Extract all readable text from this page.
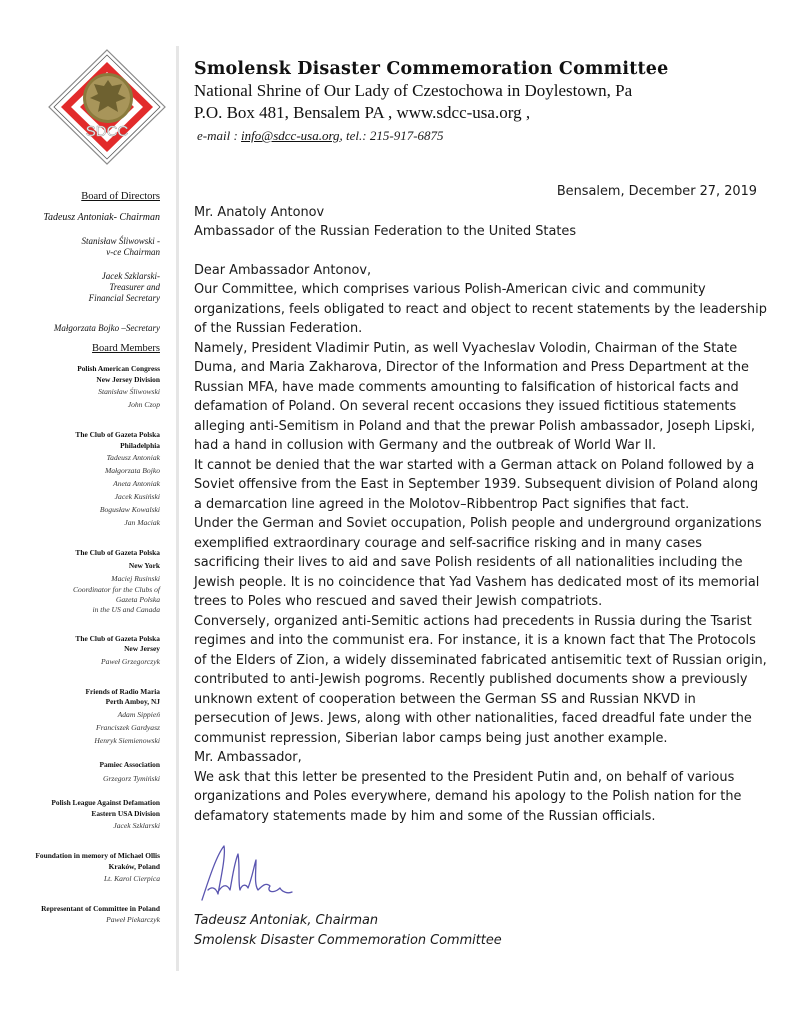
SDCC
Smolensk Disaster Commemoration Committee
National Shrine of Our Lady of Czestochowa in Doylestown, Pa
P.O. Box 481, Bensalem PA , www.sdcc-usa.org ,
e-mail : info@sdcc-usa.org, tel.: 215-917-6875
Board of Directors
Tadeusz Antoniak- Chairman
Stanisław Śliwowski -
v-ce Chairman
Jacek Szklarski-
Treasurer and
Financial Secretary
Małgorzata Bojko –Secretary
Board Members
Polish American Congress
New Jersey Division
Stanisław Śliwowski
John Czop
The Club of Gazeta Polska
Philadelphia
Tadeusz Antoniak
Małgorzata Bojko
Aneta Antoniak
Jacek Kusiński
Bogusław Kowalski
Jan Maciak
The Club of Gazeta Polska
New York
Maciej Rusinski
Coordinator for the Clubs of
Gazeta Polska
in the US and Canada
The Club of Gazeta Polska
New Jersey
Paweł Grzegorczyk
Friends of Radio Maria
Perth Amboy, NJ
Adam Sippień
Franciszek Gardyasz
Henryk Siemienowski
Pamiec Association
Grzegorz Tymiński
Polish League Against Defamation
Eastern USA Division
Jacek Szklarski
Foundation in memory of Michael Ollis
Kraków, Poland
Lt. Karol Cierpica
Representant of Committee in Poland
Paweł Piekarczyk
Bensalem, December 27, 2019
Mr. Anatoly Antonov
Ambassador of the Russian Federation to the United States
Dear Ambassador Antonov,
Our Committee, which comprises various Polish-American civic and community organizations, feels obligated to react and object to recent statements by the leadership of the Russian Federation.
Namely, President Vladimir Putin, as well Vyacheslav Volodin, Chairman of the State Duma, and Maria Zakharova, Director of the Information and Press Department at the Russian MFA, have made comments amounting to falsification of historical facts and defamation of Poland. On several recent occasions they issued fictitious statements alleging anti-Semitism in Poland and that the prewar Polish ambassador, Joseph Lipski, had a hand in collusion with Germany and the outbreak of World War II.
It cannot be denied that the war started with a German attack on Poland followed by a Soviet offensive from the East in September 1939. Subsequent division of Poland along a demarcation line agreed in the Molotov–Ribbentrop Pact signifies that fact.
Under the German and Soviet occupation, Polish people and underground organizations exemplified extraordinary courage and self-sacrifice risking and in many cases sacrificing their lives to aid and save Polish residents of all nationalities including the Jewish people. It is no coincidence that Yad Vashem has dedicated most of its memorial trees to Poles who rescued and saved their Jewish compatriots.
Conversely, organized anti-Semitic actions had precedents in Russia during the Tsarist regimes and into the communist era. For instance, it is a known fact that The Protocols of the Elders of Zion, a widely disseminated fabricated antisemitic text of Russian origin, contributed to anti-Jewish pogroms. Recently published documents show a previously unknown extent of cooperation between the German SS and Russian NKVD in persecution of Jews. Jews, along with other nationalities, faced dreadful fate under the communist repression, Siberian labor camps being just another example.
Mr. Ambassador,
We ask that this letter be presented to the President Putin and, on behalf of various organizations and Poles everywhere, demand his apology to the Polish nation for the defamatory statements made by him and some of the Russian officials.
Tadeusz Antoniak, Chairman
Smolensk Disaster Commemoration Committee
